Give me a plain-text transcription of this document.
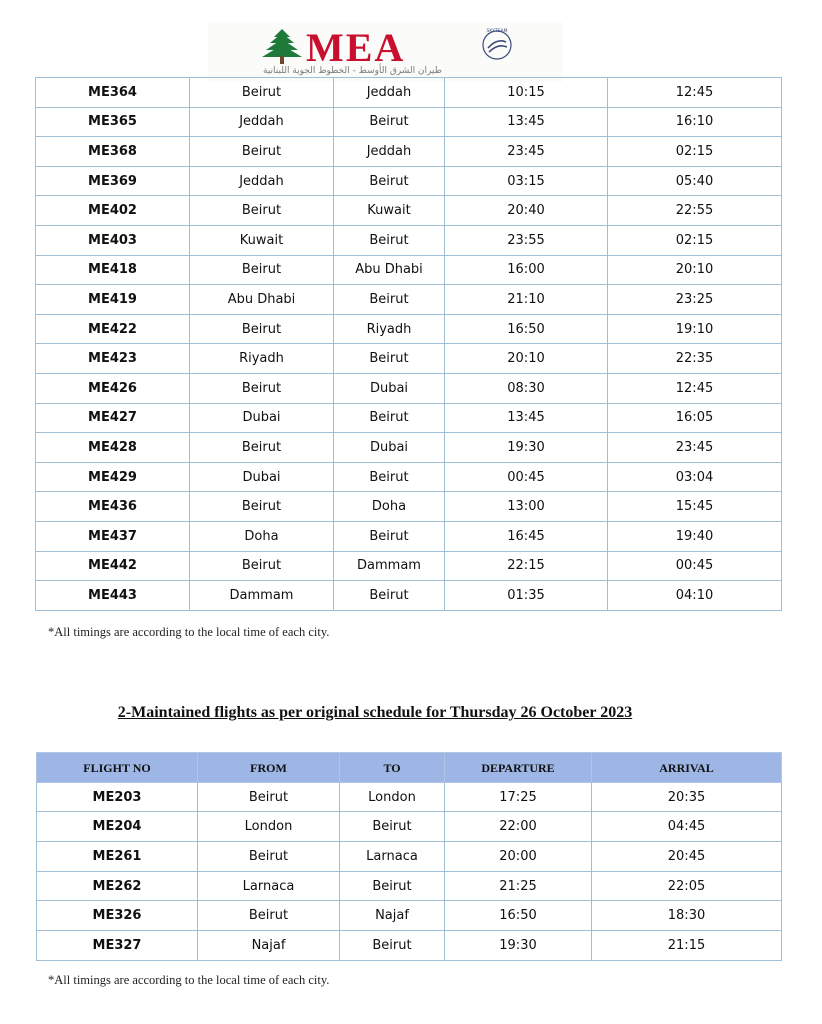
MEA
طيران الشرق الأوسط - الخطوط الجوية اللبنانية
SKYTEAM
ME364	Beirut	Jeddah	10:15	12:45
ME365	Jeddah	Beirut	13:45	16:10
ME368	Beirut	Jeddah	23:45	02:15
ME369	Jeddah	Beirut	03:15	05:40
ME402	Beirut	Kuwait	20:40	22:55
ME403	Kuwait	Beirut	23:55	02:15
ME418	Beirut	Abu Dhabi	16:00	20:10
ME419	Abu Dhabi	Beirut	21:10	23:25
ME422	Beirut	Riyadh	16:50	19:10
ME423	Riyadh	Beirut	20:10	22:35
ME426	Beirut	Dubai	08:30	12:45
ME427	Dubai	Beirut	13:45	16:05
ME428	Beirut	Dubai	19:30	23:45
ME429	Dubai	Beirut	00:45	03:04
ME436	Beirut	Doha	13:00	15:45
ME437	Doha	Beirut	16:45	19:40
ME442	Beirut	Dammam	22:15	00:45
ME443	Dammam	Beirut	01:35	04:10
*All timings are according to the local time of each city.
2-Maintained flights as per original schedule for Thursday 26 October 2023
FLIGHT NO	FROM	TO	DEPARTURE	ARRIVAL
ME203	Beirut	London	17:25	20:35
ME204	London	Beirut	22:00	04:45
ME261	Beirut	Larnaca	20:00	20:45
ME262	Larnaca	Beirut	21:25	22:05
ME326	Beirut	Najaf	16:50	18:30
ME327	Najaf	Beirut	19:30	21:15
*All timings are according to the local time of each city.
